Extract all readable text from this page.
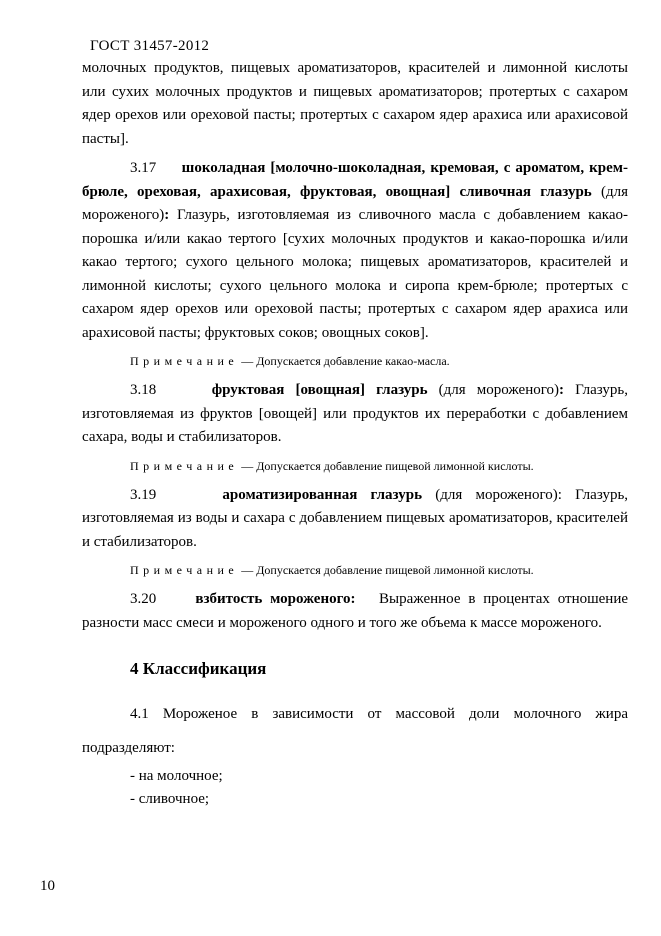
ГОСТ 31457-2012

молочных продуктов, пищевых ароматизаторов, красителей и лимонной кислоты или сухих молочных продуктов и пищевых ароматизаторов; протертых с сахаром ядер орехов или ореховой пасты; протертых с сахаром ядер арахиса или арахисовой пасты].

3.17 шоколадная [молочно-шоколадная, кремовая, с ароматом, крем-брюле, ореховая, арахисовая, фруктовая, овощная] сливочная глазурь (для мороженого): Глазурь, изготовляемая из сливочного масла с добавлением какао-порошка и/или какао тертого [сухих молочных продуктов и какао-порошка и/или какао тертого; сухого цельного молока; пищевых ароматизаторов, красителей и лимонной кислоты; сухого цельного молока и сиропа крем-брюле; протертых с сахаром ядер орехов или ореховой пасты; протертых с сахаром ядер арахиса или арахисовой пасты; фруктовых соков; овощных соков].

Примечание — Допускается добавление какао-масла.

3.18	фруктовая [овощная] глазурь (для мороженого): Глазурь, изготовляемая из фруктов [овощей] или продуктов их переработки с добавлением сахара, воды и стабилизаторов.

Примечание — Допускается добавление пищевой лимонной кислоты.

3.19	ароматизированная глазурь (для мороженого): Глазурь, изготовляемая из воды и сахара с добавлением пищевых ароматизаторов, красителей и стабилизаторов.

Примечание — Допускается добавление пищевой лимонной кислоты.

3.20	взбитость мороженого: Выраженное в процентах отношение разности масс смеси и мороженого одного и того же объема к массе мороженого.

4 Классификация

4.1 Мороженое в зависимости от массовой доли молочного жира подразделяют:

- на молочное;

- сливочное;

10
